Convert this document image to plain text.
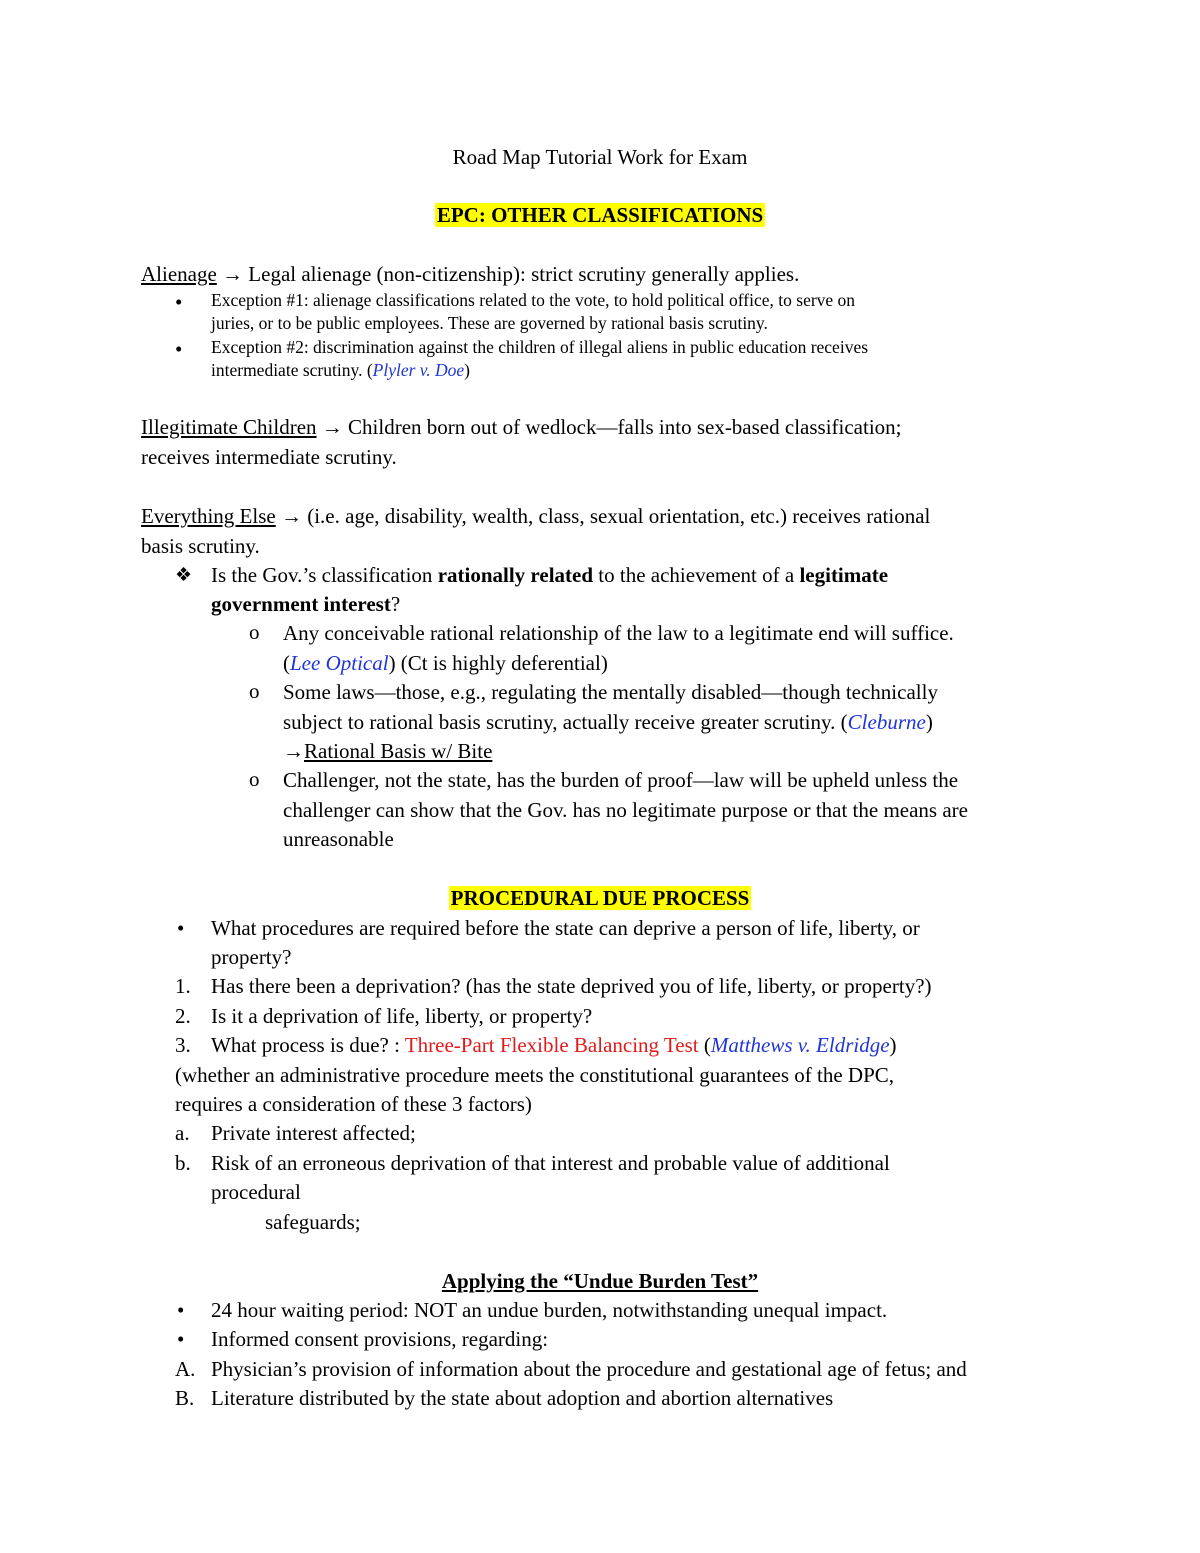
Road Map Tutorial Work for Exam
EPC: OTHER CLASSIFICATIONS
Alienage → Legal alienage (non-citizenship): strict scrutiny generally applies.
• Exception #1: alienage classifications related to the vote, to hold political office, to serve on
juries, or to be public employees. These are governed by rational basis scrutiny.
• Exception #2: discrimination against the children of illegal aliens in public education receives
intermediate scrutiny. (Plyler v. Doe)
Illegitimate Children → Children born out of wedlock—falls into sex-based classification;
receives intermediate scrutiny.
Everything Else → (i.e. age, disability, wealth, class, sexual orientation, etc.) receives rational
basis scrutiny.
❖ Is the Gov.’s classification rationally related to the achievement of a legitimate
government interest?
o Any conceivable rational relationship of the law to a legitimate end will suffice.
(Lee Optical) (Ct is highly deferential)
o Some laws—those, e.g., regulating the mentally disabled—though technically
subject to rational basis scrutiny, actually receive greater scrutiny. (Cleburne)
→Rational Basis w/ Bite
o Challenger, not the state, has the burden of proof—law will be upheld unless the
challenger can show that the Gov. has no legitimate purpose or that the means are
unreasonable
PROCEDURAL DUE PROCESS
• What procedures are required before the state can deprive a person of life, liberty, or
property?
1. Has there been a deprivation? (has the state deprived you of life, liberty, or property?)
2. Is it a deprivation of life, liberty, or property?
3. What process is due? : Three-Part Flexible Balancing Test (Matthews v. Eldridge)
(whether an administrative procedure meets the constitutional guarantees of the DPC,
requires a consideration of these 3 factors)
a. Private interest affected;
b. Risk of an erroneous deprivation of that interest and probable value of additional
procedural
safeguards;
Applying the “Undue Burden Test”
• 24 hour waiting period: NOT an undue burden, notwithstanding unequal impact.
• Informed consent provisions, regarding:
A. Physician’s provision of information about the procedure and gestational age of fetus; and
B. Literature distributed by the state about adoption and abortion alternatives
